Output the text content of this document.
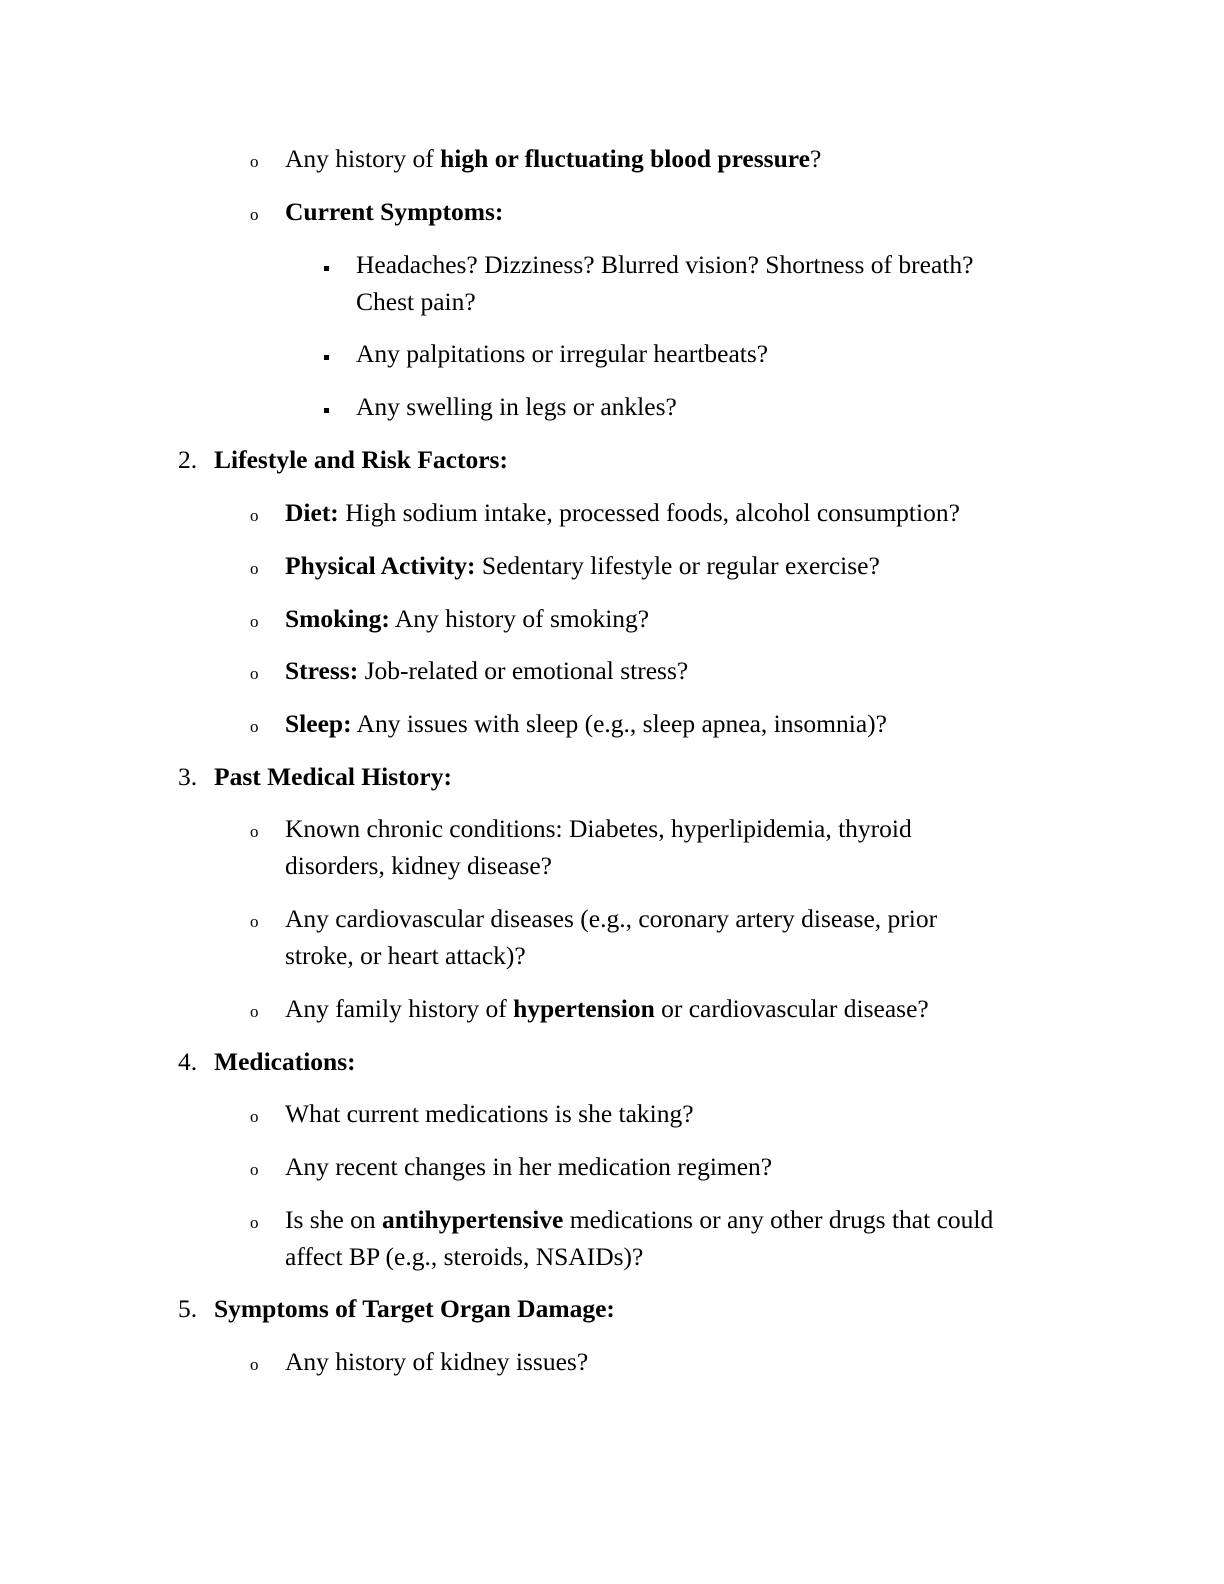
o Any history of high or fluctuating blood pressure?
o Current Symptoms:
Headaches? Dizziness? Blurred vision? Shortness of breath?
Chest pain?
Any palpitations or irregular heartbeats?
Any swelling in legs or ankles?
2. Lifestyle and Risk Factors:
o Diet: High sodium intake, processed foods, alcohol consumption?
o Physical Activity: Sedentary lifestyle or regular exercise?
o Smoking: Any history of smoking?
o Stress: Job-related or emotional stress?
o Sleep: Any issues with sleep (e.g., sleep apnea, insomnia)?
3. Past Medical History:
o Known chronic conditions: Diabetes, hyperlipidemia, thyroid
disorders, kidney disease?
o Any cardiovascular diseases (e.g., coronary artery disease, prior
stroke, or heart attack)?
o Any family history of hypertension or cardiovascular disease?
4. Medications:
o What current medications is she taking?
o Any recent changes in her medication regimen?
o Is she on antihypertensive medications or any other drugs that could
affect BP (e.g., steroids, NSAIDs)?
5. Symptoms of Target Organ Damage:
o Any history of kidney issues?
